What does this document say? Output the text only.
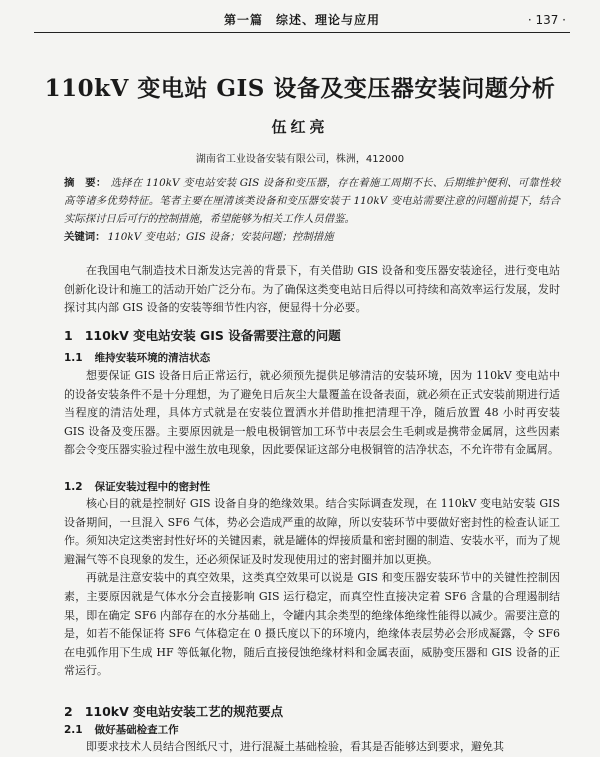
第一篇　综述、理论与应用	· 137 ·
110kV 变电站 GIS 设备及变压器安装问题分析
伍红亮
湖南省工业设备安装有限公司，株洲，412000
摘　要： 选择在 110kV 变电站安装 GIS 设备和变压器，存在着施工周期不长、后期维护便利、可靠性较高等诸多优势特征。笔者主要在厘清该类设备和变压器安装于 110kV 变电站需要注意的问题前提下，结合实际探讨日后可行的控制措施，希望能够为相关工作人员借鉴。
关键词： 110kV 变电站；GIS 设备；安装问题；控制措施

在我国电气制造技术日渐发达完善的背景下，有关借助 GIS 设备和变压器安装途径，进行变电站创新化设计和施工的活动开始广泛分布。为了确保这类变电站日后得以可持续和高效率运行发展，发时探讨其内部 GIS 设备的安装等细节性内容，便显得十分必要。

1 110kV 变电站安装 GIS 设备需要注意的问题
1.1 维持安装环境的清洁状态

想要保证 GIS 设备日后正常运行，就必须预先提供足够清洁的安装环境，因为 110kV 变电站中的设备安装条件不是十分理想，为了避免日后灰尘大量覆盖在设备表面，就必须在正式安装前期进行适当程度的清洁处理，具体方式就是在安装位置洒水并借助推把清理干净，随后放置 48 小时再安装 GIS 设备及变压器。主要原因就是一般电极铜管加工环节中表层会生毛刺或是携带金属屑，这些因素都会令变压器实验过程中滋生放电现象，因此要保证这部分电极铜管的洁净状态，不允许带有金属屑。

1.2 保证安装过程中的密封性

核心目的就是控制好 GIS 设备自身的绝缘效果。结合实际调查发现，在 110kV 变电站安装 GIS 设备期间，一旦混入 SF6 气体，势必会造成严重的故障，所以安装环节中要做好密封性的检查认证工作。须知决定这类密封性好坏的关键因素，就是罐体的焊接质量和密封圈的制造、安装水平，而为了规避漏气等不良现象的发生，还必须保证及时发现使用过的密封圈并加以更换。

再就是注意安装中的真空效果，这类真空效果可以说是 GIS 和变压器安装环节中的关键性控制因素，主要原因就是气体水分会直接影响 GIS 运行稳定，而真空性直接决定着 SF6 含量的合理遏制结果，即在确定 SF6 内部存在的水分基础上，令罐内其余类型的绝缘体绝缘性能得以减少。需要注意的是，如若不能保证将 SF6 气体稳定在 0 摄氏度以下的环境内，绝缘体表层势必会形成凝露，令 SF6 在电弧作用下生成 HF 等低氟化物，随后直接侵蚀绝缘材料和金属表面，威胁变压器和 GIS 设备的正常运行。

2 110kV 变电站安装工艺的规范要点
2.1 做好基础检查工作

即要求技术人员结合图纸尺寸，进行混凝土基础检验，看其是否能够达到要求，避免其
